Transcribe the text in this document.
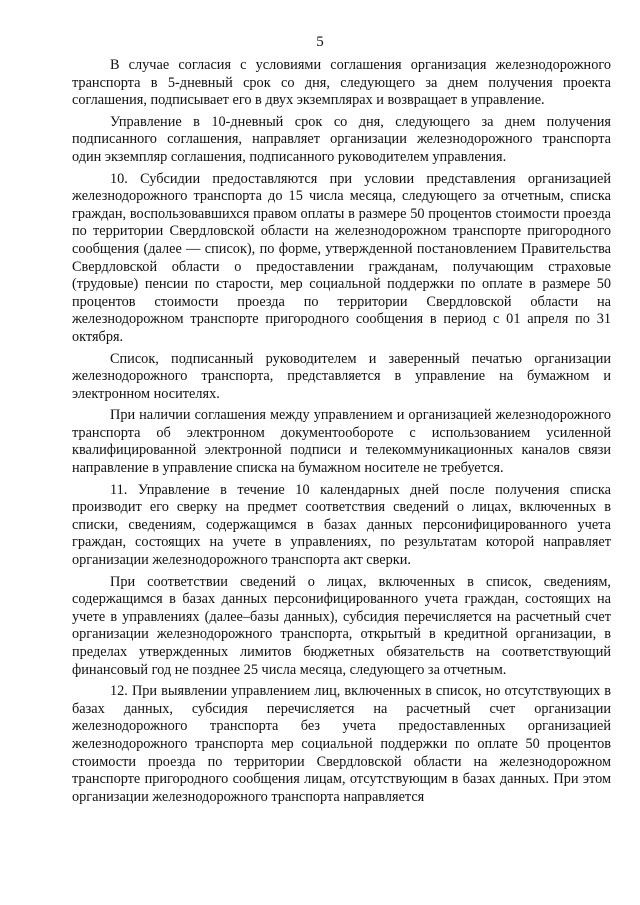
5

В случае согласия с условиями соглашения организация железнодорожного транспорта в 5-дневный срок со дня, следующего за днем получения проекта соглашения, подписывает его в двух экземплярах и возвращает в управление.

Управление в 10-дневный срок со дня, следующего за днем получения подписанного соглашения, направляет организации железнодорожного транспорта один экземпляр соглашения, подписанного руководителем управления.

10. Субсидии предоставляются при условии представления организацией железнодорожного транспорта до 15 числа месяца, следующего за отчетным, списка граждан, воспользовавшихся правом оплаты в размере 50 процентов стоимости проезда по территории Свердловской области на железнодорожном транспорте пригородного сообщения (далее — список), по форме, утвержденной постановлением Правительства Свердловской области о предоставлении гражданам, получающим страховые (трудовые) пенсии по старости, мер социальной поддержки по оплате в размере 50 процентов стоимости проезда по территории Свердловской области на железнодорожном транспорте пригородного сообщения в период с 01 апреля по 31 октября.

Список, подписанный руководителем и заверенный печатью организации железнодорожного транспорта, представляется в управление на бумажном и электронном носителях.

При наличии соглашения между управлением и организацией железнодорожного транспорта об электронном документообороте с использованием усиленной квалифицированной электронной подписи и телекоммуникационных каналов связи направление в управление списка на бумажном носителе не требуется.

11. Управление в течение 10 календарных дней после получения списка производит его сверку на предмет соответствия сведений о лицах, включенных в списки, сведениям, содержащимся в базах данных персонифицированного учета граждан, состоящих на учете в управлениях, по результатам которой направляет организации железнодорожного транспорта акт сверки.

При соответствии сведений о лицах, включенных в список, сведениям, содержащимся в базах данных персонифицированного учета граждан, состоящих на учете в управлениях (далее–базы данных), субсидия перечисляется на расчетный счет организации железнодорожного транспорта, открытый в кредитной организации, в пределах утвержденных лимитов бюджетных обязательств на соответствующий финансовый год не позднее 25 числа месяца, следующего за отчетным.

12. При выявлении управлением лиц, включенных в список, но отсутствующих в базах данных, субсидия перечисляется на расчетный счет организации железнодорожного транспорта без учета предоставленных организацией железнодорожного транспорта мер социальной поддержки по оплате 50 процентов стоимости проезда по территории Свердловской области на железнодорожном транспорте пригородного сообщения лицам, отсутствующим в базах данных. При этом организации железнодорожного транспорта направляется
